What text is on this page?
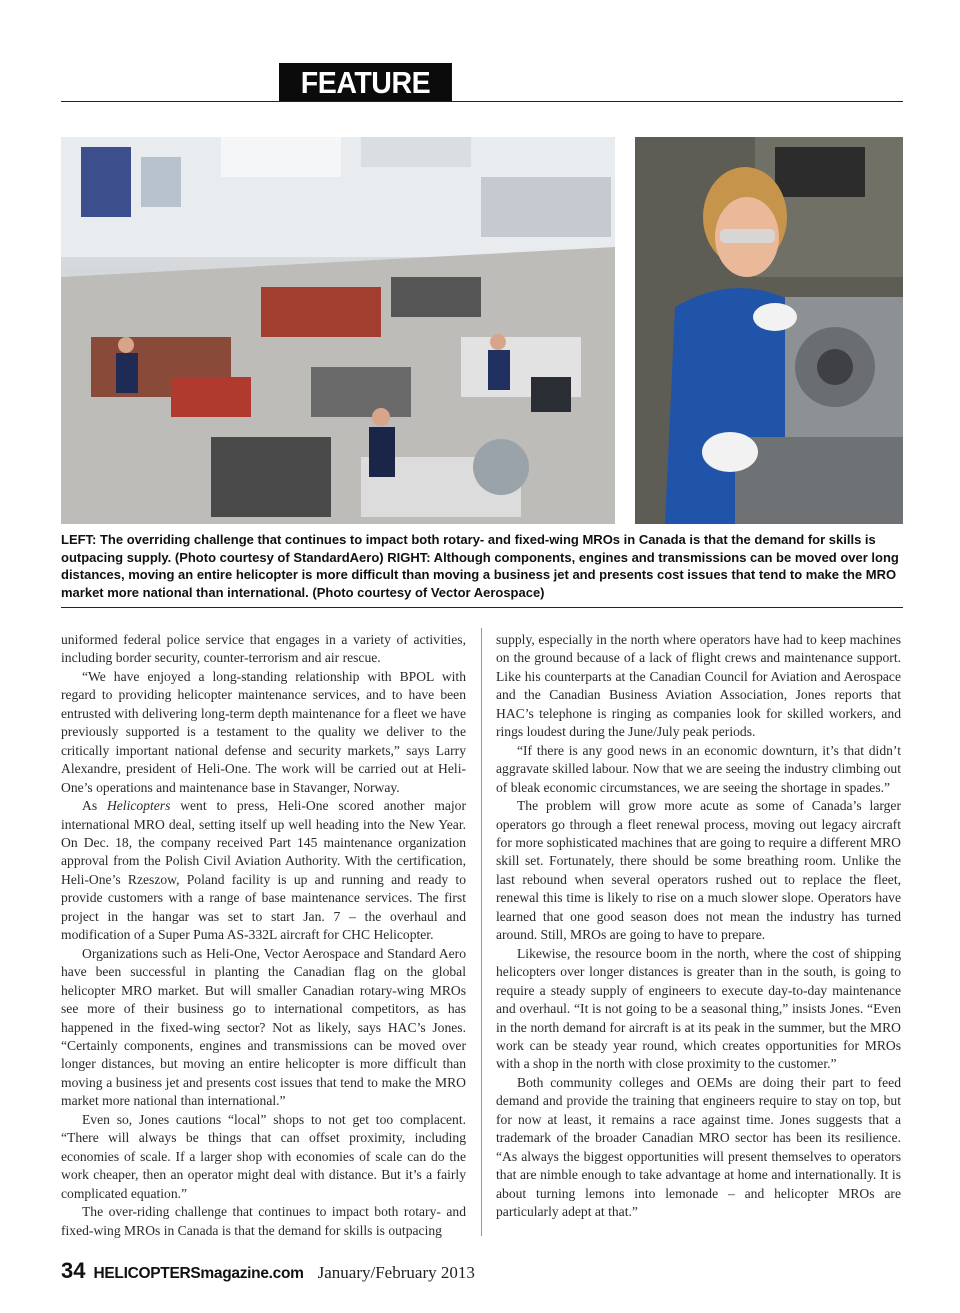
FEATURE
LEFT: The overriding challenge that continues to impact both rotary- and fixed-wing MROs in Canada is that the demand for skills is outpacing supply. (Photo courtesy of StandardAero) RIGHT: Although components, engines and transmissions can be moved over long distances, moving an entire helicopter is more difficult than moving a business jet and presents cost issues that tend to make the MRO market more national than international. (Photo courtesy of Vector Aerospace)

uniformed federal police service that engages in a variety of activities, including border security, counter-terrorism and air rescue.

“We have enjoyed a long-standing relationship with BPOL with regard to providing helicopter maintenance services, and to have been entrusted with delivering long-term depth maintenance for a fleet we have previously supported is a testament to the quality we deliver to the critically important national defense and security markets,” says Larry Alexandre, president of Heli-One. The work will be carried out at Heli-One’s operations and maintenance base in Stavanger, Norway.

As Helicopters went to press, Heli-One scored another major international MRO deal, setting itself up well heading into the New Year. On Dec. 18, the company received Part 145 maintenance organization approval from the Polish Civil Aviation Authority. With the certification, Heli-One’s Rzeszow, Poland facility is up and running and ready to provide customers with a range of base maintenance services. The first project in the hangar was set to start Jan. 7 – the overhaul and modification of a Super Puma AS-332L aircraft for CHC Helicopter.

Organizations such as Heli-One, Vector Aerospace and Standard Aero have been successful in planting the Canadian flag on the global helicopter MRO market. But will smaller Canadian rotary-wing MROs see more of their business go to international competitors, as has happened in the fixed-wing sector? Not as likely, says HAC’s Jones. “Certainly components, engines and transmissions can be moved over longer distances, but moving an entire helicopter is more difficult than moving a business jet and presents cost issues that tend to make the MRO market more national than international.”

Even so, Jones cautions “local” shops to not get too complacent. “There will always be things that can offset proximity, including economies of scale. If a larger shop with economies of scale can do the work cheaper, then an operator might deal with distance. But it’s a fairly complicated equation.”

The over-riding challenge that continues to impact both rotary- and fixed-wing MROs in Canada is that the demand for skills is outpacing

supply, especially in the north where operators have had to keep machines on the ground because of a lack of flight crews and maintenance support. Like his counterparts at the Canadian Council for Aviation and Aerospace and the Canadian Business Aviation Association, Jones reports that HAC’s telephone is ringing as companies look for skilled workers, and rings loudest during the June/July peak periods.

“If there is any good news in an economic downturn, it’s that didn’t aggravate skilled labour. Now that we are seeing the industry climbing out of bleak economic circumstances, we are seeing the shortage in spades.”

The problem will grow more acute as some of Canada’s larger operators go through a fleet renewal process, moving out legacy aircraft for more sophisticated machines that are going to require a different MRO skill set. Fortunately, there should be some breathing room. Unlike the last rebound when several operators rushed out to replace the fleet, renewal this time is likely to rise on a much slower slope. Operators have learned that one good season does not mean the industry has turned around. Still, MROs are going to have to prepare.

Likewise, the resource boom in the north, where the cost of shipping helicopters over longer distances is greater than in the south, is going to require a steady supply of engineers to execute day-to-day maintenance and overhaul. “It is not going to be a seasonal thing,” insists Jones. “Even in the north demand for aircraft is at its peak in the summer, but the MRO work can be steady year round, which creates opportunities for MROs with a shop in the north with close proximity to the customer.”

Both community colleges and OEMs are doing their part to feed demand and provide the training that engineers require to stay on top, but for now at least, it remains a race against time. Jones suggests that a trademark of the broader Canadian MRO sector has been its resilience. “As always the biggest opportunities will present themselves to operators that are nimble enough to take advantage at home and internationally. It is about turning lemons into lemonade – and helicopter MROs are particularly adept at that.”

34 HELICOPTERSmagazine.com January/February 2013
